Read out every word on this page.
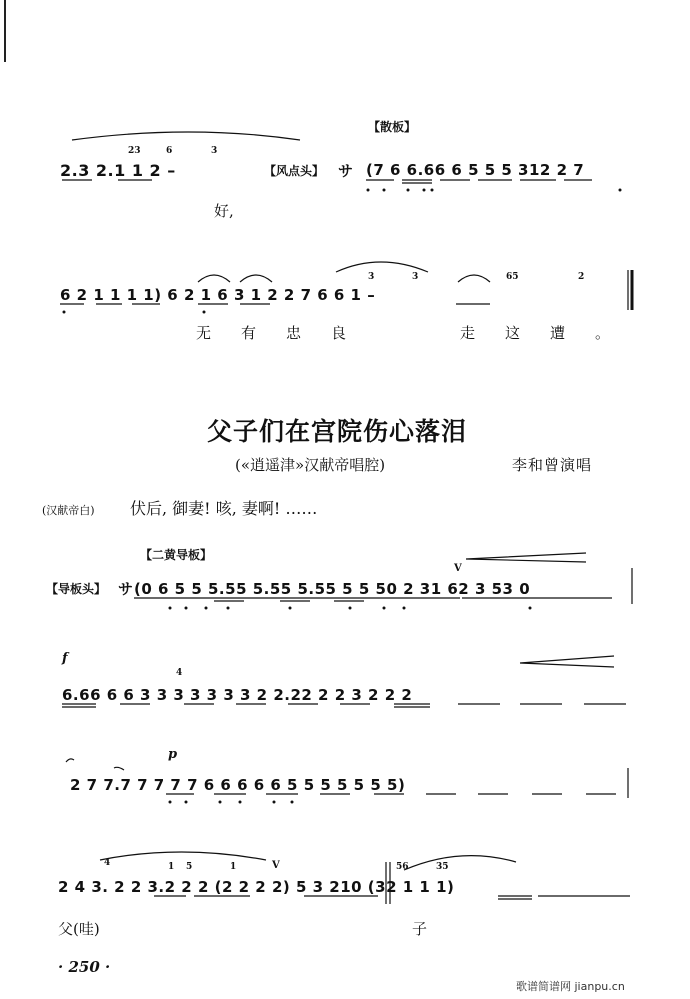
【散板】
2.3 2.1 1 2 –
23	6	3
【风点头】 サ (7 6 6.66 6 5 5 5 312 2 7
好,
6 2 1 1 1 1) 6 2 1 6 3 1 2 2 7 6 6 1 –
3	3	65	2
无有忠良	走这遭。
父子们在宫院伤心落泪
(«逍遥津»汉献帝唱腔)	李和曾演唱
(汉献帝白) 伏后, 御妻! 咳, 妻啊! ……
【二黄导板】
【导板头】 サ (0 6 5 5 5.55 5.55 5.55 5 5 50 2 31 62 3 53 0
V
f
6.66 6 6 3 3 3 3 3 3 3 2 2.22 2 2 3 2 2 2
4
p
2 7 7.7 7 7 7 7 6 6 6 6 6 5 5 5 5 5 5 5)
2 4 3. 2 2 3.2 2 2 (2 2 2 2) 5 3 210 (32 1 1 1)
4	1 5	1	56	35
V
父(哇)	子
· 250 ·
歌谱简谱网 jianpu.cn
